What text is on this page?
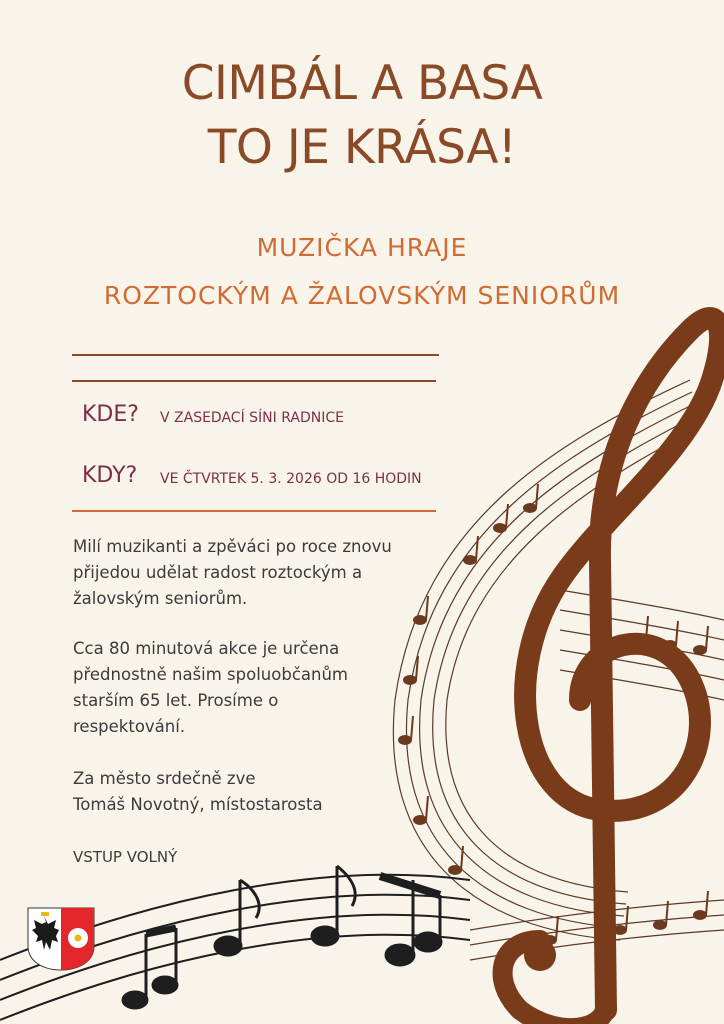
CIMBÁL A BASA
TO JE KRÁSA!
MUZIČKA HRAJE
ROZTOCKÝM A ŽALOVSKÝM SENIORŮM
KDE? V ZASEDACÍ SÍNI RADNICE
KDY? VE ČTVRTEK 5. 3. 2026 OD 16 HODIN

Milí muzikanti a zpěváci po roce znovu

přijedou udělat radost roztockým a

žalovským seniorům.

Cca 80 minutová akce je určena

přednostně našim spoluobčanům

starším 65 let. Prosíme o

respektování.

Za město srdečně zve

Tomáš Novotný, místostarosta

VSTUP VOLNÝ
